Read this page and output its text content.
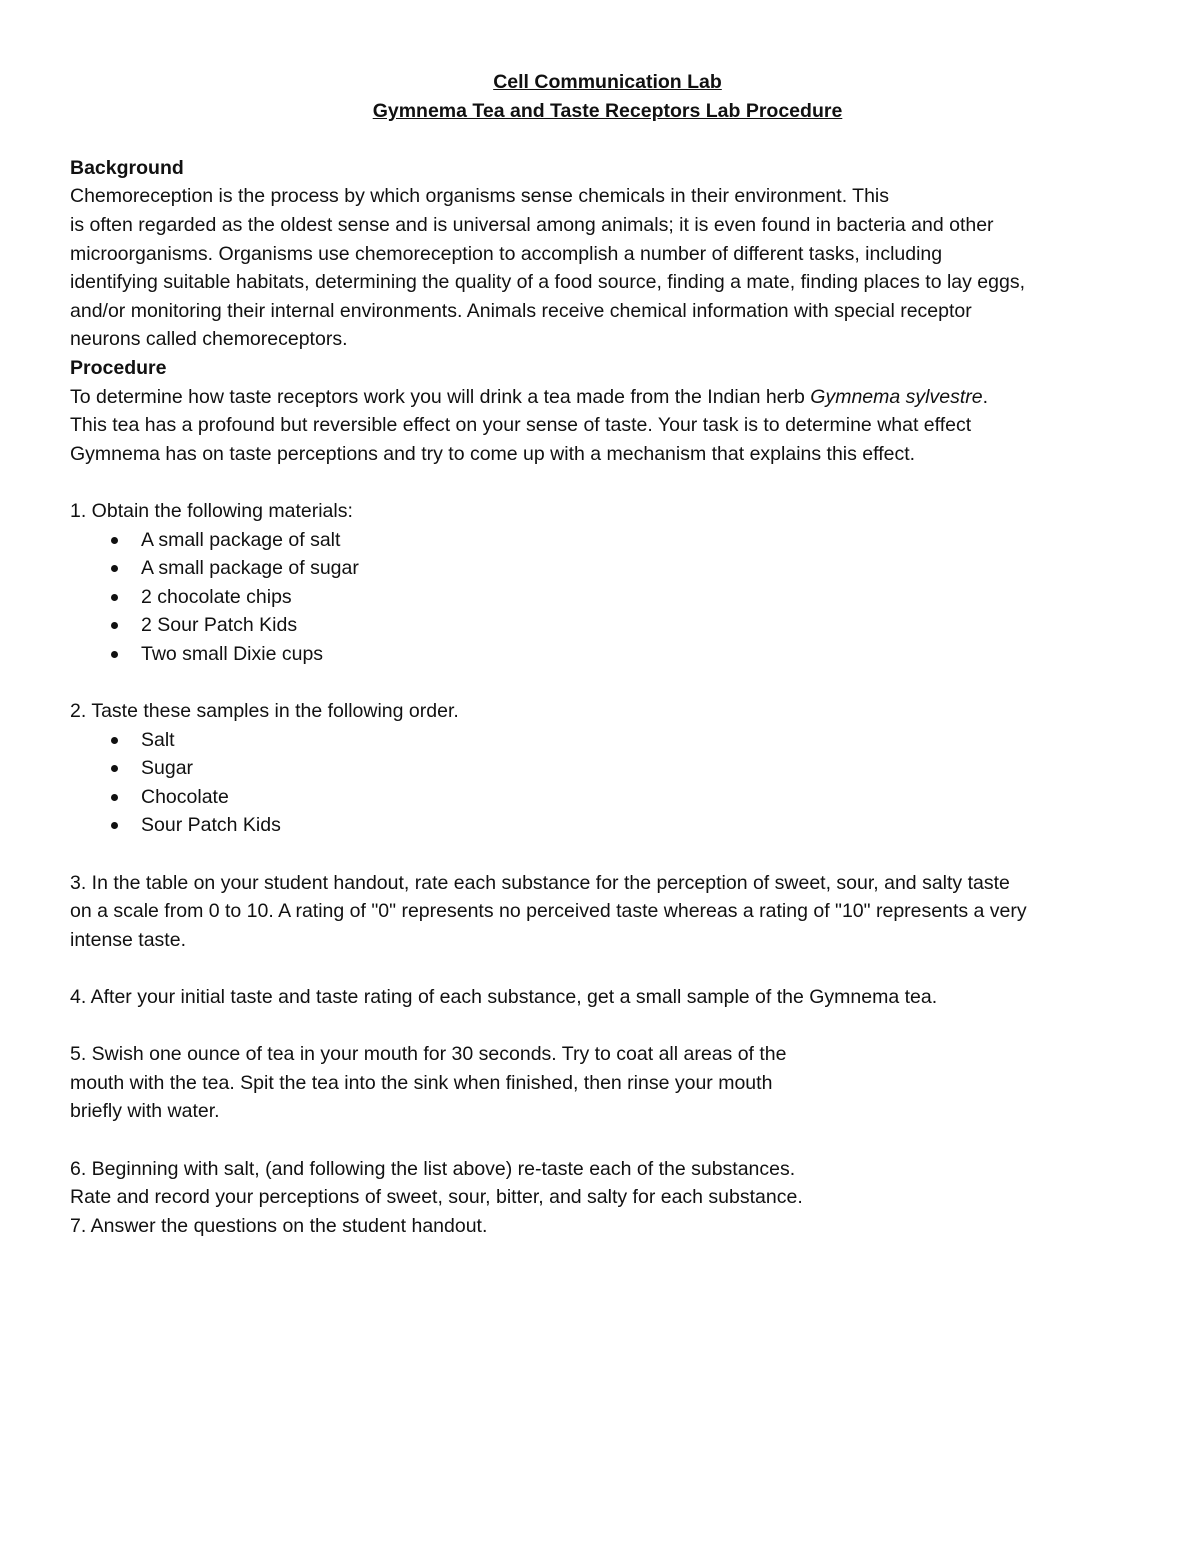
Cell Communication Lab

Gymnema Tea and Taste Receptors Lab Procedure

Background

Chemoreception is the process by which organisms sense chemicals in their environment. This
is often regarded as the oldest sense and is universal among animals; it is even found in bacteria and other
microorganisms. Organisms use chemoreception to accomplish a number of different tasks, including
identifying suitable habitats, determining the quality of a food source, finding a mate, finding places to lay eggs,
and/or monitoring their internal environments. Animals receive chemical information with special receptor
neurons called chemoreceptors.

Procedure

To determine how taste receptors work you will drink a tea made from the Indian herb Gymnema sylvestre.
This tea has a profound but reversible effect on your sense of taste. Your task is to determine what effect
Gymnema has on taste perceptions and try to come up with a mechanism that explains this effect.
1. Obtain the following materials:
A small package of salt
A small package of sugar
2 chocolate chips
2 Sour Patch Kids
Two small Dixie cups
2. Taste these samples in the following order.
Salt
Sugar
Chocolate
Sour Patch Kids
3. In the table on your student handout, rate each substance for the perception of sweet, sour, and salty taste
on a scale from 0 to 10. A rating of "0" represents no perceived taste whereas a rating of "10" represents a very
intense taste.
4. After your initial taste and taste rating of each substance, get a small sample of the Gymnema tea.
5. Swish one ounce of tea in your mouth for 30 seconds. Try to coat all areas of the
mouth with the tea. Spit the tea into the sink when finished, then rinse your mouth
briefly with water.
6. Beginning with salt, (and following the list above) re-taste each of the substances.
Rate and record your perceptions of sweet, sour, bitter, and salty for each substance.
7. Answer the questions on the student handout.
